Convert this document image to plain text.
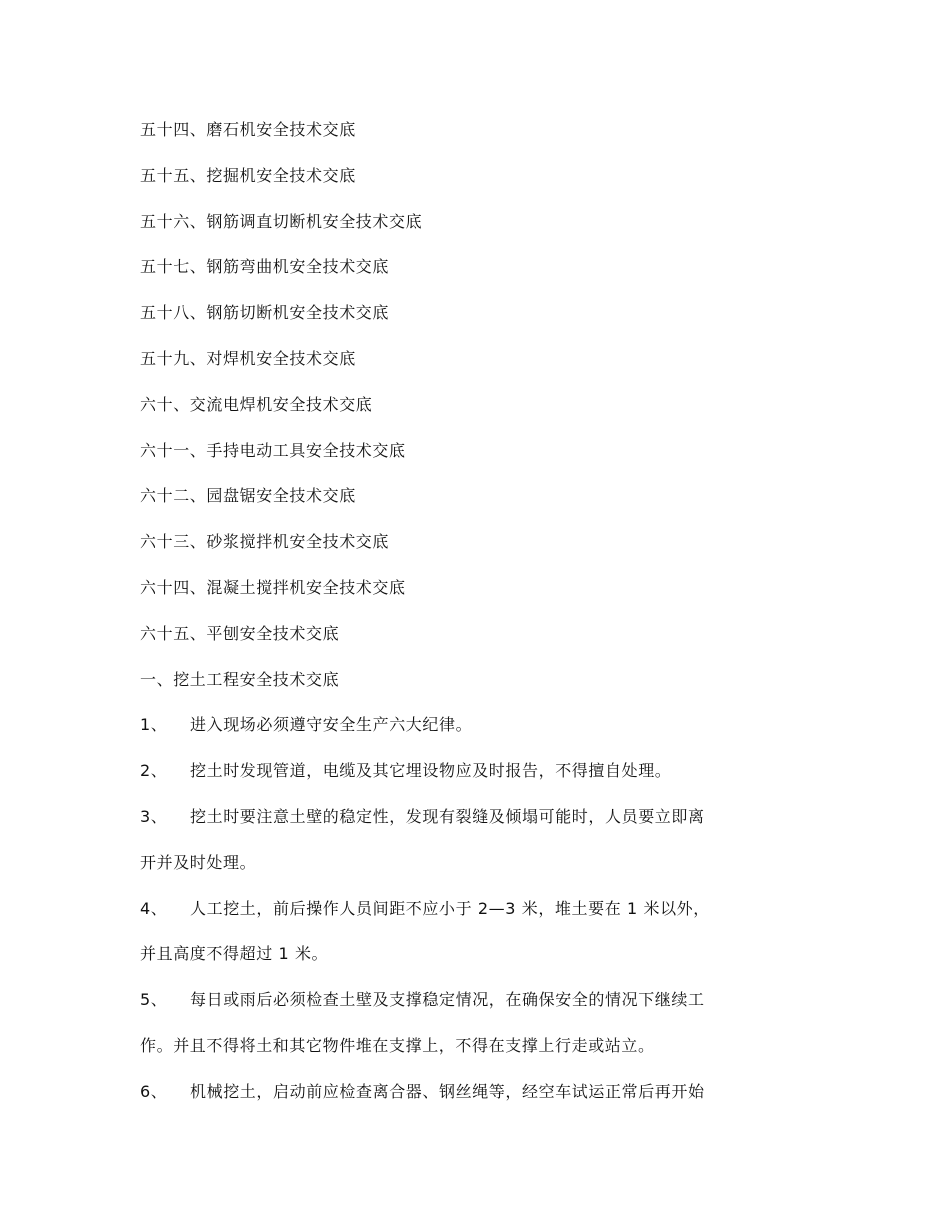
五十四、磨石机安全技术交底
五十五、挖掘机安全技术交底
五十六、钢筋调直切断机安全技术交底
五十七、钢筋弯曲机安全技术交底
五十八、钢筋切断机安全技术交底
五十九、对焊机安全技术交底
六十、交流电焊机安全技术交底
六十一、手持电动工具安全技术交底
六十二、园盘锯安全技术交底
六十三、砂浆搅拌机安全技术交底
六十四、混凝土搅拌机安全技术交底
六十五、平刨安全技术交底
一、挖土工程安全技术交底
1、 进入现场必须遵守安全生产六大纪律。
2、 挖土时发现管道，电缆及其它埋设物应及时报告，不得擅自处理。
3、 挖土时要注意土壁的稳定性，发现有裂缝及倾塌可能时，人员要立即离
开并及时处理。
4、 人工挖土，前后操作人员间距不应小于 2—3 米，堆土要在 1 米以外，
并且高度不得超过 1 米。
5、 每日或雨后必须检查土壁及支撑稳定情况，在确保安全的情况下继续工
作。并且不得将土和其它物件堆在支撑上，不得在支撑上行走或站立。
6、 机械挖土，启动前应检查离合器、钢丝绳等，经空车试运正常后再开始
